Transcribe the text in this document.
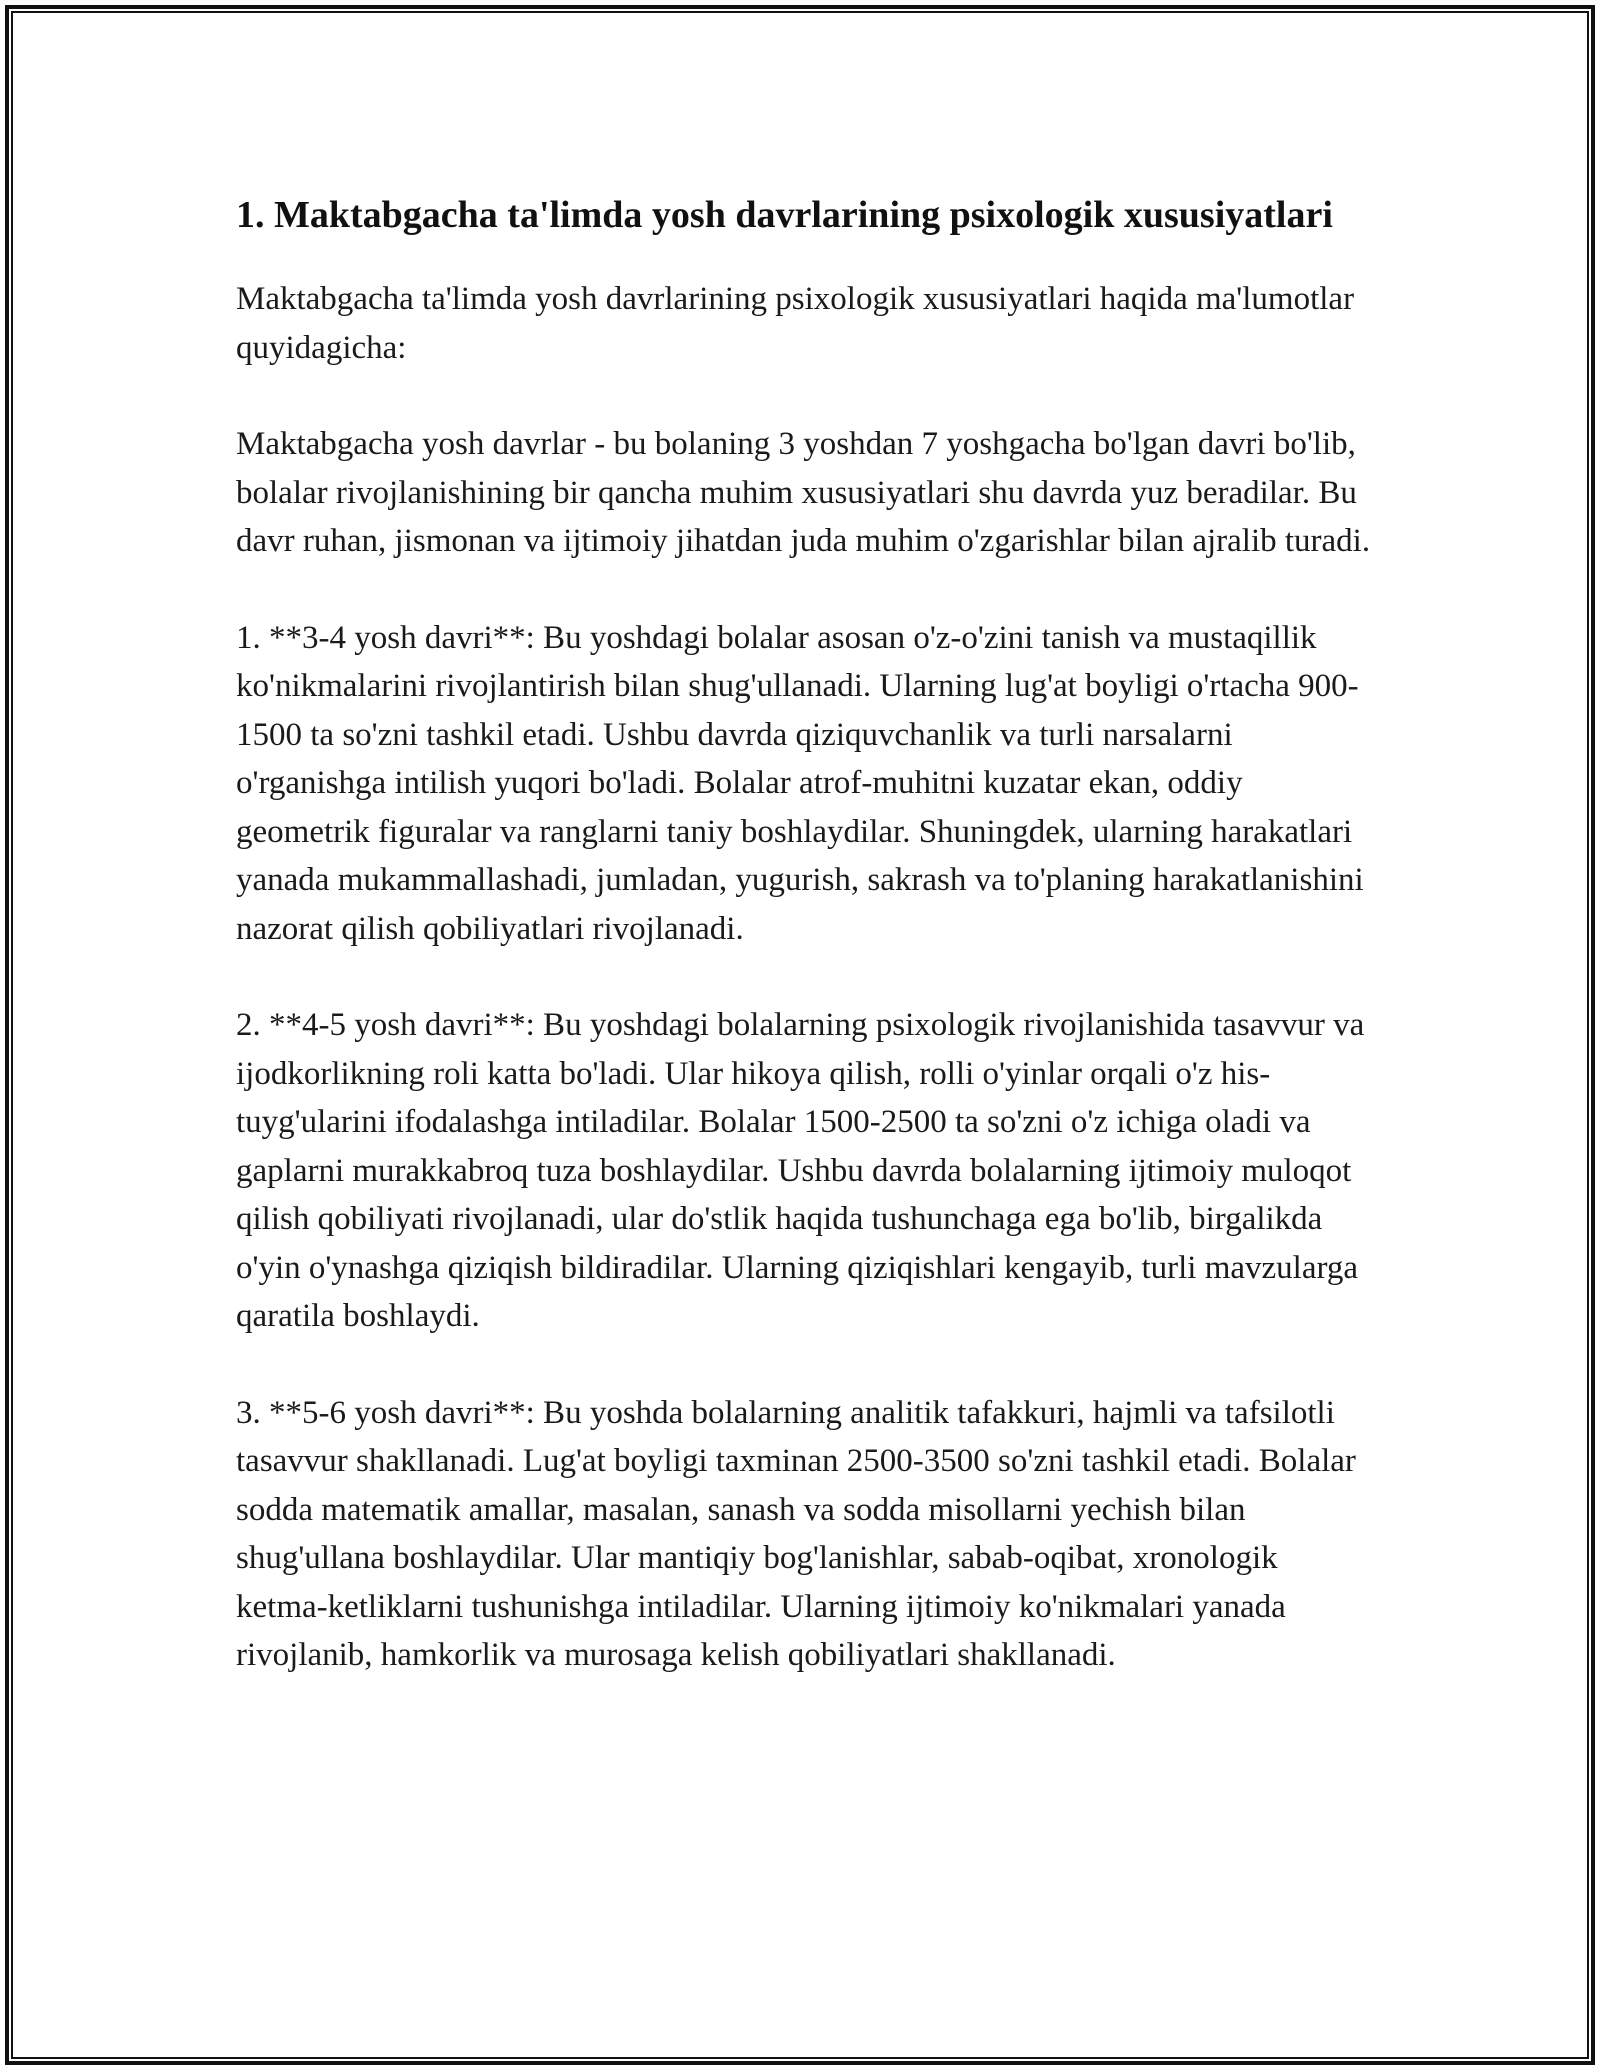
1. Maktabgacha ta'limda yosh davrlarining psixologik xususiyatlari

Maktabgacha ta'limda yosh davrlarining psixologik xususiyatlari haqida ma'lumotlar quyidagicha:

Maktabgacha yosh davrlar - bu bolaning 3 yoshdan 7 yoshgacha bo'lgan davri bo'lib, bolalar rivojlanishining bir qancha muhim xususiyatlari shu davrda yuz beradilar. Bu davr ruhan, jismonan va ijtimoiy jihatdan juda muhim o'zgarishlar bilan ajralib turadi.

1. **3-4 yosh davri**: Bu yoshdagi bolalar asosan o'z-o'zini tanish va mustaqillik ko'nikmalarini rivojlantirish bilan shug'ullanadi. Ularning lug'at boyligi o'rtacha 900-1500 ta so'zni tashkil etadi. Ushbu davrda qiziquvchanlik va turli narsalarni o'rganishga intilish yuqori bo'ladi. Bolalar atrof-muhitni kuzatar ekan, oddiy geometrik figuralar va ranglarni taniy boshlaydilar. Shuningdek, ularning harakatlari yanada mukammallashadi, jumladan, yugurish, sakrash va to'planing harakatlanishini nazorat qilish qobiliyatlari rivojlanadi.

2. **4-5 yosh davri**: Bu yoshdagi bolalarning psixologik rivojlanishida tasavvur va ijodkorlikning roli katta bo'ladi. Ular hikoya qilish, rolli o'yinlar orqali o'z his-tuyg'ularini ifodalashga intiladilar. Bolalar 1500-2500 ta so'zni o'z ichiga oladi va gaplarni murakkabroq tuza boshlaydilar. Ushbu davrda bolalarning ijtimoiy muloqot qilish qobiliyati rivojlanadi, ular do'stlik haqida tushunchaga ega bo'lib, birgalikda o'yin o'ynashga qiziqish bildiradilar. Ularning qiziqishlari kengayib, turli mavzularga qaratila boshlaydi.

3. **5-6 yosh davri**: Bu yoshda bolalarning analitik tafakkuri, hajmli va tafsilotli tasavvur shakllanadi. Lug'at boyligi taxminan 2500-3500 so'zni tashkil etadi. Bolalar sodda matematik amallar, masalan, sanash va sodda misollarni yechish bilan shug'ullana boshlaydilar. Ular mantiqiy bog'lanishlar, sabab-oqibat, xronologik ketma-ketliklarni tushunishga intiladilar. Ularning ijtimoiy ko'nikmalari yanada rivojlanib, hamkorlik va murosaga kelish qobiliyatlari shakllanadi.
